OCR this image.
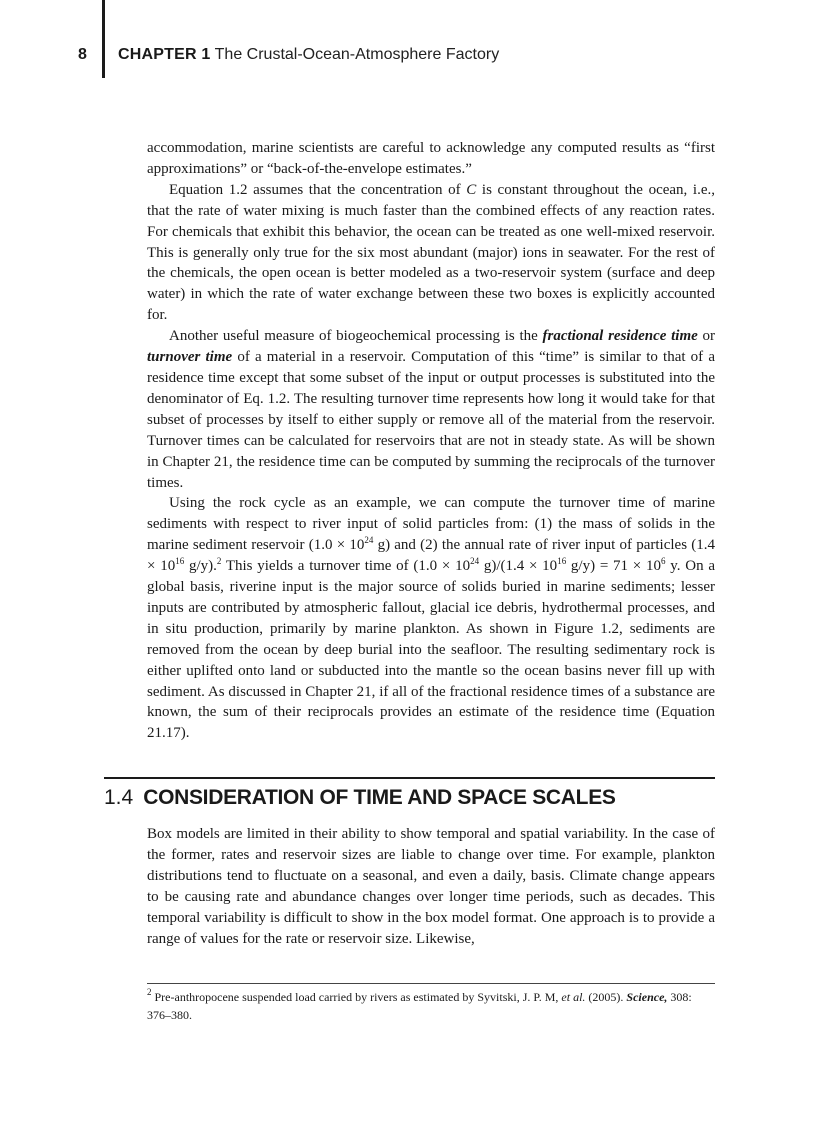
8 CHAPTER 1 The Crustal-Ocean-Atmosphere Factory

accommodation, marine scientists are careful to acknowledge any computed results as “first approximations” or “back-of-the-envelope estimates.”

Equation 1.2 assumes that the concentration of C is constant throughout the ocean, i.e., that the rate of water mixing is much faster than the combined effects of any reaction rates. For chemicals that exhibit this behavior, the ocean can be treated as one well-mixed reservoir. This is generally only true for the six most abundant (major) ions in seawater. For the rest of the chemicals, the open ocean is better modeled as a two-reservoir system (surface and deep water) in which the rate of water exchange between these two boxes is explicitly accounted for.

Another useful measure of biogeochemical processing is the fractional residence time or turnover time of a material in a reservoir. Computation of this “time” is similar to that of a residence time except that some subset of the input or output processes is substituted into the denominator of Eq. 1.2. The resulting turnover time represents how long it would take for that subset of processes by itself to either supply or remove all of the material from the reservoir. Turnover times can be calculated for reservoirs that are not in steady state. As will be shown in Chapter 21, the residence time can be computed by summing the reciprocals of the turnover times.

Using the rock cycle as an example, we can compute the turnover time of marine sediments with respect to river input of solid particles from: (1) the mass of solids in the marine sediment reservoir ($1.0 \times 10^{24}$ g) and (2) the annual rate of river input of particles ($1.4 \times 10^{16}$ g/y).$^2$ This yields a turnover time of ($1.0 \times 10^{24}$ $g)/(1.4 \times 10^{16}$ $g/y) = 71 \times 10^6$ y. On a global basis, riverine input is the major source of solids buried in marine sediments; lesser inputs are contributed by atmospheric fallout, glacial ice debris, hydrothermal processes, and in situ production, primarily by marine plankton. As shown in Figure 1.2, sediments are removed from the ocean by deep burial into the seafloor. The resulting sedimentary rock is either uplifted onto land or subducted into the mantle so the ocean basins never fill up with sediment. As discussed in Chapter 21, if all of the fractional residence times of a substance are known, the sum of their reciprocals provides an estimate of the residence time (Equation 21.17).

1.4 CONSIDERATION OF TIME AND SPACE SCALES

Box models are limited in their ability to show temporal and spatial variability. In the case of the former, rates and reservoir sizes are liable to change over time. For example, plankton distributions tend to fluctuate on a seasonal, and even a daily, basis. Climate change appears to be causing rate and abundance changes over longer time periods, such as decades. This temporal variability is difficult to show in the box model format. One approach is to provide a range of values for the rate or reservoir size. Likewise,

$^2$ Pre-anthropocene suspended load carried by rivers as estimated by Syvitski, J. P. M, et al. (2005). Science, 308: 376–380.
